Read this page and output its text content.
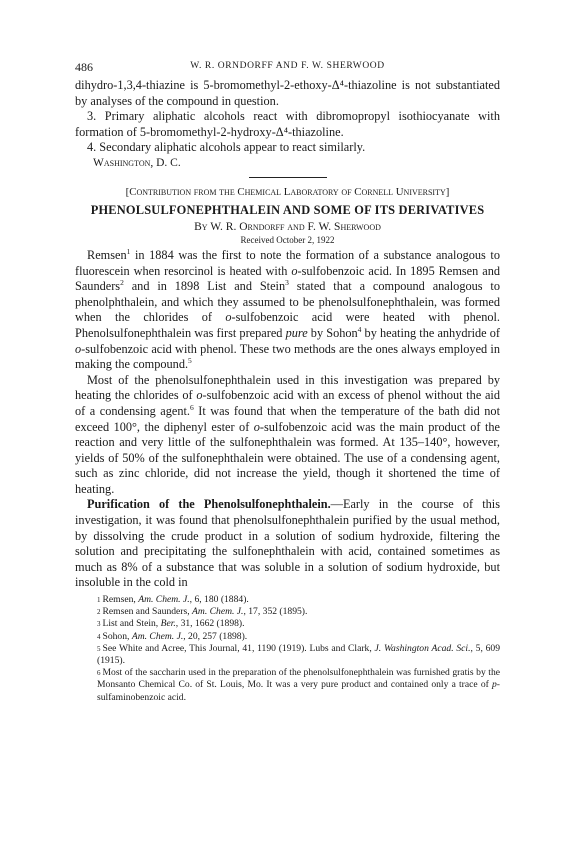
486	W. R. ORNDORFF AND F. W. SHERWOOD

dihydro-1,3,4-thiazine is 5-bromomethyl-2-ethoxy-Δ⁴-thiazoline is not substantiated by analyses of the compound in question.

3. Primary aliphatic alcohols react with dibromopropyl isothiocyanate with formation of 5-bromomethyl-2-hydroxy-Δ⁴-thiazoline.

4. Secondary aliphatic alcohols appear to react similarly.

Washington, D. C.
[Contribution from the Chemical Laboratory of Cornell University]
PHENOLSULFONEPHTHALEIN AND SOME OF ITS DERIVATIVES
By W. R. Orndorff and F. W. Sherwood
Received October 2, 1922

Remsen$^1$ in 1884 was the first to note the formation of a substance analogous to fluorescein when resorcinol is heated with o-sulfobenzoic acid. In 1895 Remsen and Saunders$^2$ and in 1898 List and Stein$^3$ stated that a compound analogous to phenolphthalein, and which they assumed to be phenolsulfonephthalein, was formed when the chlorides of o-sulfobenzoic acid were heated with phenol. Phenolsulfonephthalein was first prepared pure by Sohon$^4$ by heating the anhydride of o-sulfobenzoic acid with phenol. These two methods are the ones always employed in making the compound.$^5$

Most of the phenolsulfonephthalein used in this investigation was prepared by heating the chlorides of o-sulfobenzoic acid with an excess of phenol without the aid of a condensing agent.$^6$ It was found that when the temperature of the bath did not exceed 100°, the diphenyl ester of o-sulfobenzoic acid was the main product of the reaction and very little of the sulfonephthalein was formed. At 135–140°, however, yields of 50% of the sulfonephthalein were obtained. The use of a condensing agent, such as zinc chloride, did not increase the yield, though it shortened the time of heating.

Purification of the Phenolsulfonephthalein.—Early in the course of this investigation, it was found that phenolsulfonephthalein purified by the usual method, by dissolving the crude product in a solution of sodium hydroxide, filtering the solution and precipitating the sulfonephthalein with acid, contained sometimes as much as 8% of a substance that was soluble in a solution of sodium hydroxide, but insoluble in the cold in

$^1$ Remsen, Am. Chem. J., 6, 180 (1884).
$^2$ Remsen and Saunders, Am. Chem. J., 17, 352 (1895).
$^3$ List and Stein, Ber., 31, 1662 (1898).
$^4$ Sohon, Am. Chem. J., 20, 257 (1898).
$^5$ See White and Acree, This Journal, 41, 1190 (1919). Lubs and Clark, J. Washington Acad. Sci., 5, 609 (1915).
$^6$ Most of the saccharin used in the preparation of the phenolsulfonephthalein was furnished gratis by the Monsanto Chemical Co. of St. Louis, Mo. It was a very pure product and contained only a trace of p-sulfaminobenzoic acid.
